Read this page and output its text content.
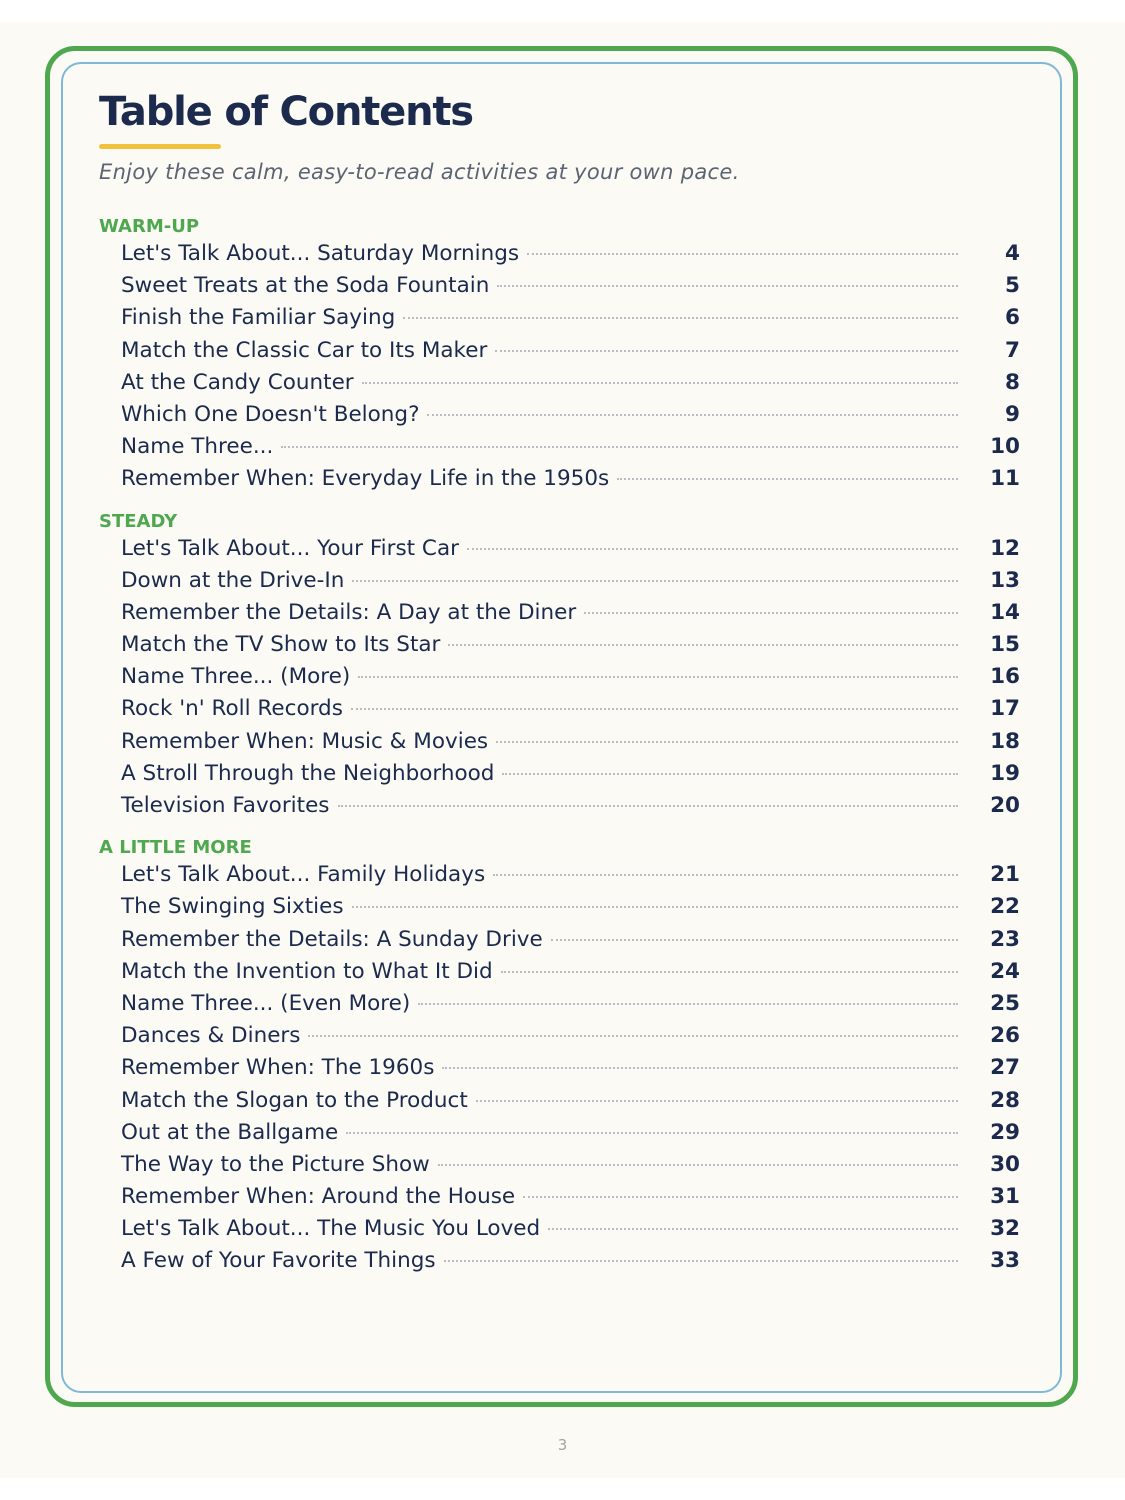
Table of Contents

Enjoy these calm, easy-to-read activities at your own pace.

WARM-UP
Let's Talk About... Saturday Mornings	4
Sweet Treats at the Soda Fountain	5
Finish the Familiar Saying	6
Match the Classic Car to Its Maker	7
At the Candy Counter	8
Which One Doesn't Belong?	9
Name Three...	10
Remember When: Everyday Life in the 1950s	11
STEADY
Let's Talk About... Your First Car	12
Down at the Drive-In	13
Remember the Details: A Day at the Diner	14
Match the TV Show to Its Star	15
Name Three... (More)	16
Rock 'n' Roll Records	17
Remember When: Music & Movies	18
A Stroll Through the Neighborhood	19
Television Favorites	20
A LITTLE MORE
Let's Talk About... Family Holidays	21
The Swinging Sixties	22
Remember the Details: A Sunday Drive	23
Match the Invention to What It Did	24
Name Three... (Even More)	25
Dances & Diners	26
Remember When: The 1960s	27
Match the Slogan to the Product	28
Out at the Ballgame	29
The Way to the Picture Show	30
Remember When: Around the House	31
Let's Talk About... The Music You Loved	32
A Few of Your Favorite Things	33
3
